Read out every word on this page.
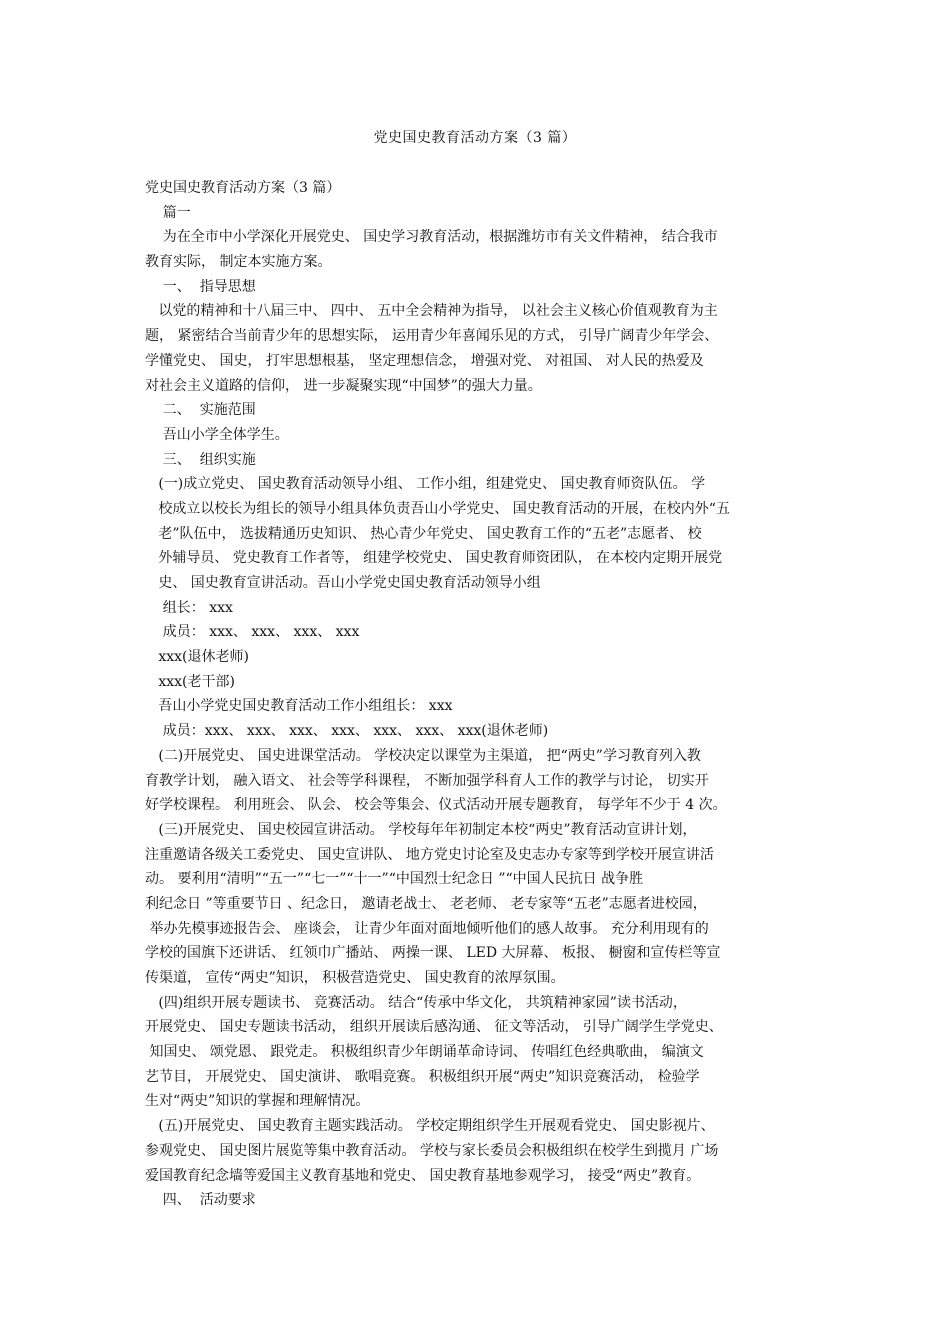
党史国史教育活动方案（3 篇）
党史国史教育活动方案（3 篇）
篇一
为在全市中小学深化开展党史、 国史学习教育活动，根据潍坊市有关文件精神， 结合我市
教育实际， 制定本实施方案。
一、  指导思想
以党的精神和十八届三中、 四中、 五中全会精神为指导， 以社会主义核心价值观教育为主
题， 紧密结合当前青少年的思想实际， 运用青少年喜闻乐见的方式， 引导广阔青少年学会、
学懂党史、 国史， 打牢思想根基， 坚定理想信念， 增强对党、 对祖国、 对人民的热爱及
对社会主义道路的信仰， 进一步凝聚实现“中国梦”的强大力量。
二、  实施范围
吾山小学全体学生。
三、  组织实施
(一)成立党史、 国史教育活动领导小组、 工作小组，组建党史、 国史教育师资队伍。 学
校成立以校长为组长的领导小组具体负责吾山小学党史、 国史教育活动的开展，在校内外“五
老”队伍中， 选拔精通历史知识、 热心青少年党史、 国史教育工作的“五老”志愿者、 校
外辅导员、 党史教育工作者等， 组建学校党史、 国史教育师资团队， 在本校内定期开展党
史、 国史教育宣讲活动。吾山小学党史国史教育活动领导小组
组长： xxx
成员： xxx、 xxx、 xxx、 xxx
xxx(退休老师)
xxx(老干部)
吾山小学党史国史教育活动工作小组组长： xxx
成员：xxx、 xxx、 xxx、 xxx、 xxx、 xxx、 xxx(退休老师)
(二)开展党史、 国史进课堂活动。 学校决定以课堂为主渠道， 把“两史”学习教育列入教
育教学计划， 融入语文、 社会等学科课程， 不断加强学科育人工作的教学与讨论， 切实开
好学校课程。 利用班会、 队会、 校会等集会、仪式活动开展专题教育， 每学年不少于 4 次。
(三)开展党史、 国史校园宣讲活动。 学校每年年初制定本校“两史”教育活动宣讲计划，
注重邀请各级关工委党史、 国史宣讲队、 地方党史讨论室及史志办专家等到学校开展宣讲活
动。 要利用“清明”“五一”“七一”“十一”“中国烈士纪念日 ”“中国人民抗日 战争胜
利纪念日 ”等重要节日 、纪念日， 邀请老战士、 老老师、 老专家等“五老”志愿者进校园，
举办先模事迹报告会、 座谈会， 让青少年面对面地倾听他们的感人故事。 充分利用现有的
学校的国旗下还讲话、 红领巾广播站、 两操一课、 LED 大屏幕、 板报、 橱窗和宣传栏等宣
传渠道， 宣传“两史”知识， 积极营造党史、 国史教育的浓厚氛围。
(四)组织开展专题读书、 竞赛活动。 结合“传承中华文化， 共筑精神家园”读书活动，
开展党史、 国史专题读书活动， 组织开展读后感沟通、 征文等活动， 引导广阔学生学党史、
知国史、 颂党恩、 跟党走。 积极组织青少年朗诵革命诗词、 传唱红色经典歌曲， 编演文
艺节目， 开展党史、 国史演讲、 歌唱竞赛。 积极组织开展“两史”知识竞赛活动， 检验学
生对“两史”知识的掌握和理解情况。
(五)开展党史、 国史教育主题实践活动。 学校定期组织学生开展观看党史、 国史影视片、
参观党史、 国史图片展览等集中教育活动。 学校与家长委员会积极组织在校学生到揽月 广场
爱国教育纪念墙等爱国主义教育基地和党史、 国史教育基地参观学习， 接受“两史”教育。
四、  活动要求
